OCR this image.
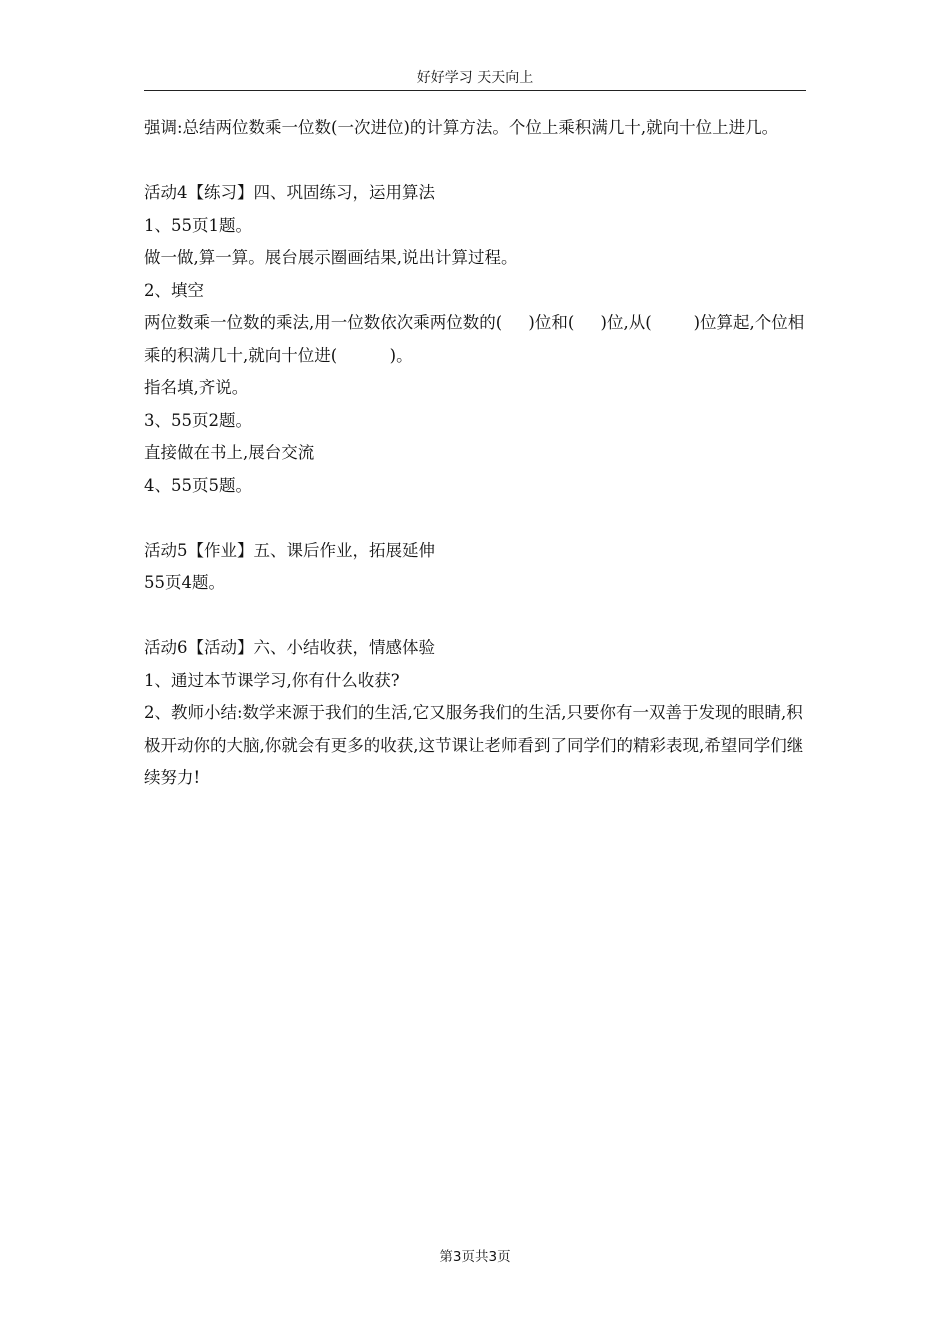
好好学习 天天向上

强调:总结两位数乘一位数(一次进位)的计算方法。个位上乘积满几十,就向十位上进几。

活动4【练习】四、巩固练习，运用算法

1、55页1题。

做一做,算一算。展台展示圈画结果,说出计算过程。

2、填空

两位数乘一位数的乘法,用一位数依次乘两位数的(     )位和(     )位,从(        )位算起,个位相乘的积满几十,就向十位进(          )。

指名填,齐说。

3、55页2题。

直接做在书上,展台交流

4、55页5题。

活动5【作业】五、课后作业，拓展延伸

55页4题。

活动6【活动】六、小结收获，情感体验

1、通过本节课学习,你有什么收获?

2、教师小结:数学来源于我们的生活,它又服务我们的生活,只要你有一双善于发现的眼睛,积极开动你的大脑,你就会有更多的收获,这节课让老师看到了同学们的精彩表现,希望同学们继续努力!

第3页共3页
